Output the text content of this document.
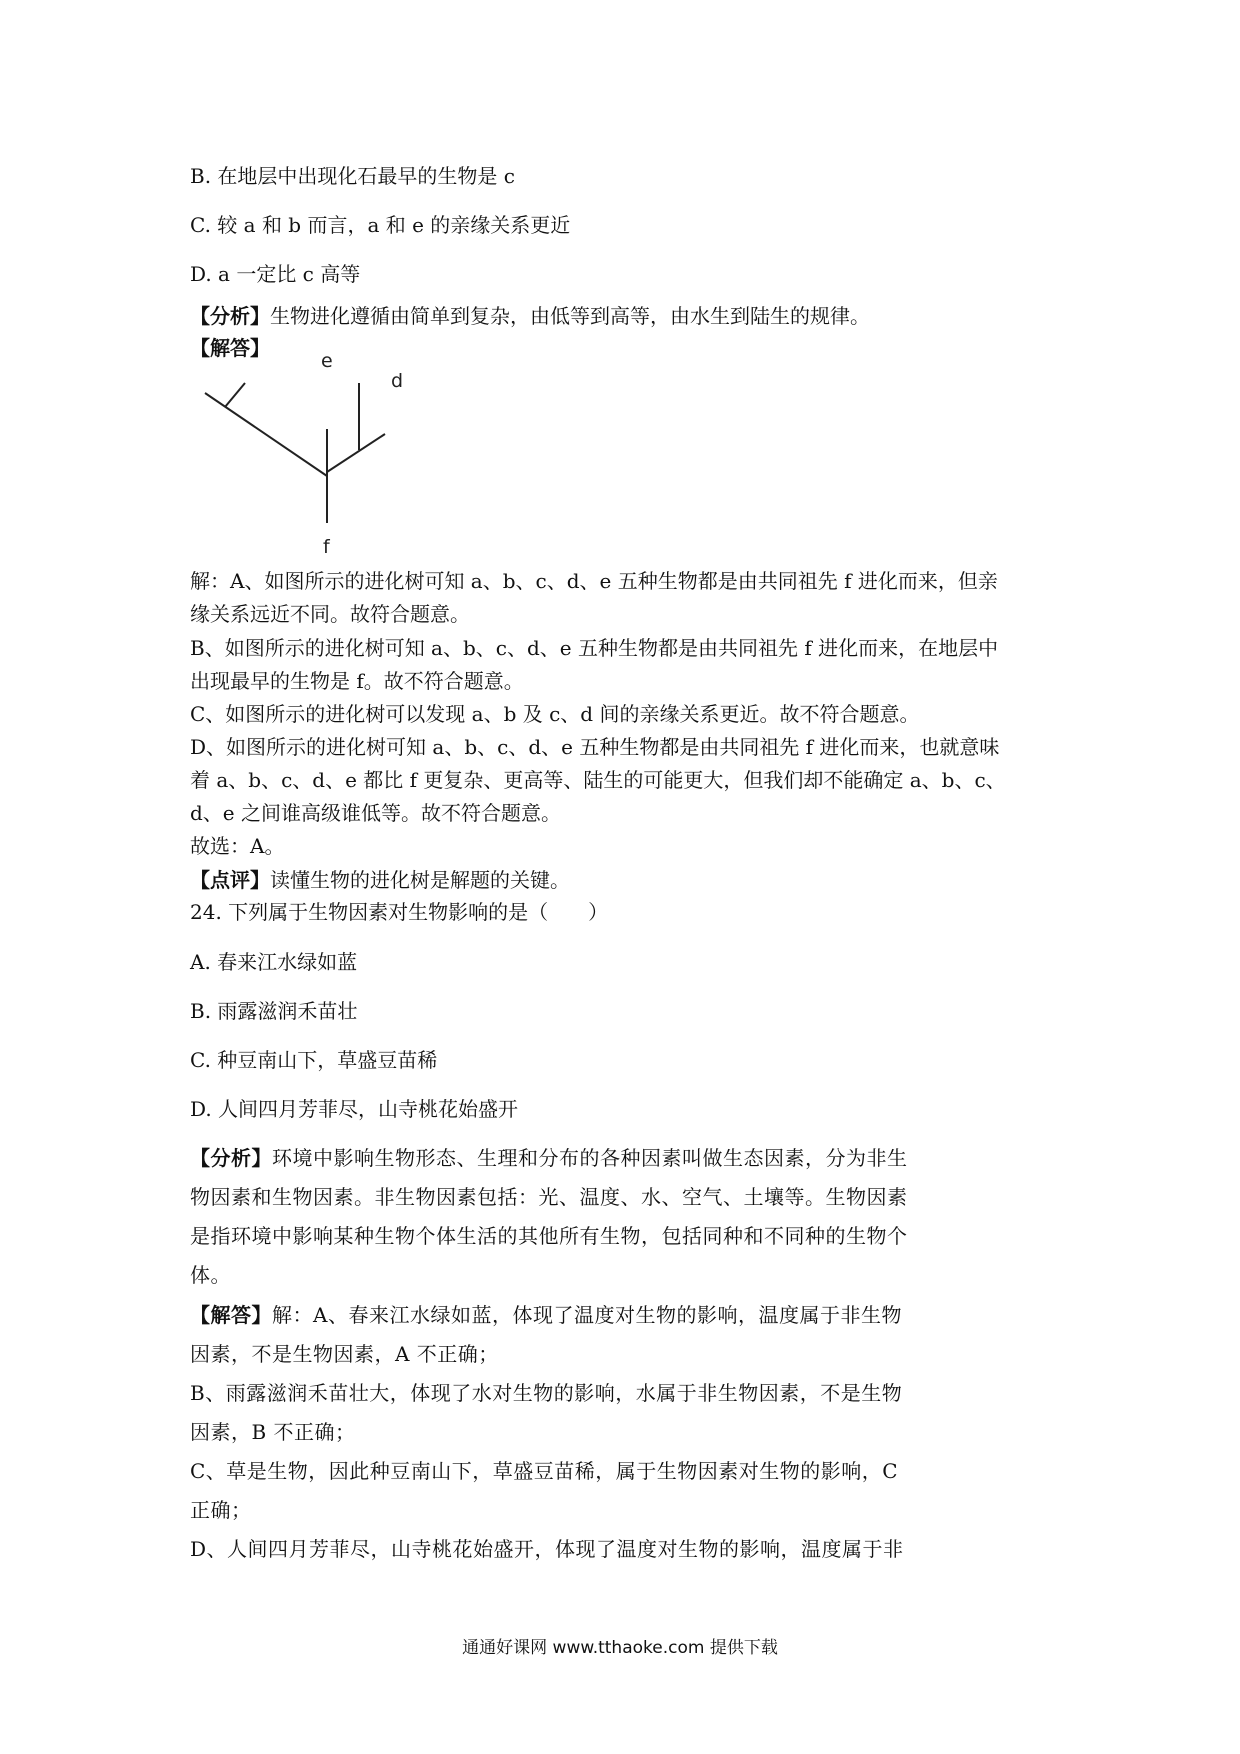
B. 在地层中出现化石最早的生物是 c
C. 较 a 和 b 而言，a 和 e 的亲缘关系更近
D. a 一定比 c 高等
【分析】生物进化遵循由简单到复杂，由低等到高等，由水生到陆生的规律。
【解答】
d
e
f
解：A、如图所示的进化树可知 a、b、c、d、e 五种生物都是由共同祖先 f 进化而来，但亲
缘关系远近不同。故符合题意。
B、如图所示的进化树可知 a、b、c、d、e 五种生物都是由共同祖先 f 进化而来，在地层中
出现最早的生物是 f。故不符合题意。
C、如图所示的进化树可以发现 a、b 及 c、d 间的亲缘关系更近。故不符合题意。
D、如图所示的进化树可知 a、b、c、d、e 五种生物都是由共同祖先 f 进化而来，也就意味
着 a、b、c、d、e 都比 f 更复杂、更高等、陆生的可能更大，但我们却不能确定 a、b、c、
d、e 之间谁高级谁低等。故不符合题意。
故选：A。
【点评】读懂生物的进化树是解题的关键。
24. 下列属于生物因素对生物影响的是（　　）
A. 春来江水绿如蓝
B. 雨露滋润禾苗壮
C. 种豆南山下，草盛豆苗稀
D. 人间四月芳菲尽，山寺桃花始盛开
【分析】环境中影响生物形态、生理和分布的各种因素叫做生态因素，分为非生
物因素和生物因素。非生物因素包括：光、温度、水、空气、土壤等。生物因素
是指环境中影响某种生物个体生活的其他所有生物，包括同种和不同种的生物个
体。
【解答】解：A、春来江水绿如蓝，体现了温度对生物的影响，温度属于非生物
因素，不是生物因素，A 不正确；
B、雨露滋润禾苗壮大，体现了水对生物的影响，水属于非生物因素，不是生物
因素，B 不正确；
C、草是生物，因此种豆南山下，草盛豆苗稀，属于生物因素对生物的影响，C
正确；
D、人间四月芳菲尽，山寺桃花始盛开，体现了温度对生物的影响，温度属于非
通通好课网 www.tthaoke.com 提供下载
